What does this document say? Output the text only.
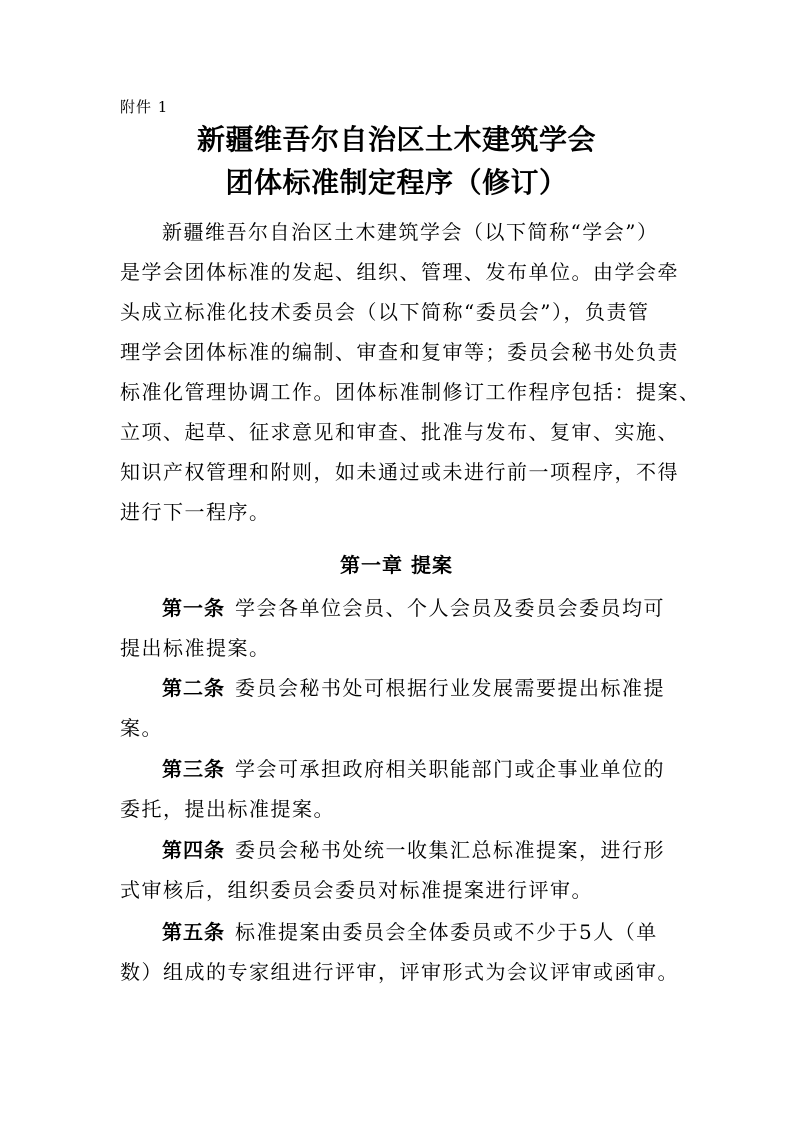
附件 1
新疆维吾尔自治区土木建筑学会
团体标准制定程序（修订）
新疆维吾尔自治区土木建筑学会（以下简称“学会”）
是学会团体标准的发起、组织、管理、发布单位。由学会牵
头成立标准化技术委员会（以下简称“委员会”），负责管
理学会团体标准的编制、审查和复审等；委员会秘书处负责
标准化管理协调工作。团体标准制修订工作程序包括：提案、
立项、起草、征求意见和审查、批准与发布、复审、实施、
知识产权管理和附则，如未通过或未进行前一项程序，不得
进行下一程序。
第一章 提案
第一条 学会各单位会员、个人会员及委员会委员均可
提出标准提案。
第二条 委员会秘书处可根据行业发展需要提出标准提
案。
第三条 学会可承担政府相关职能部门或企事业单位的
委托，提出标准提案。
第四条 委员会秘书处统一收集汇总标准提案，进行形
式审核后，组织委员会委员对标准提案进行评审。
第五条 标准提案由委员会全体委员或不少于5人（单
数）组成的专家组进行评审，评审形式为会议评审或函审。
